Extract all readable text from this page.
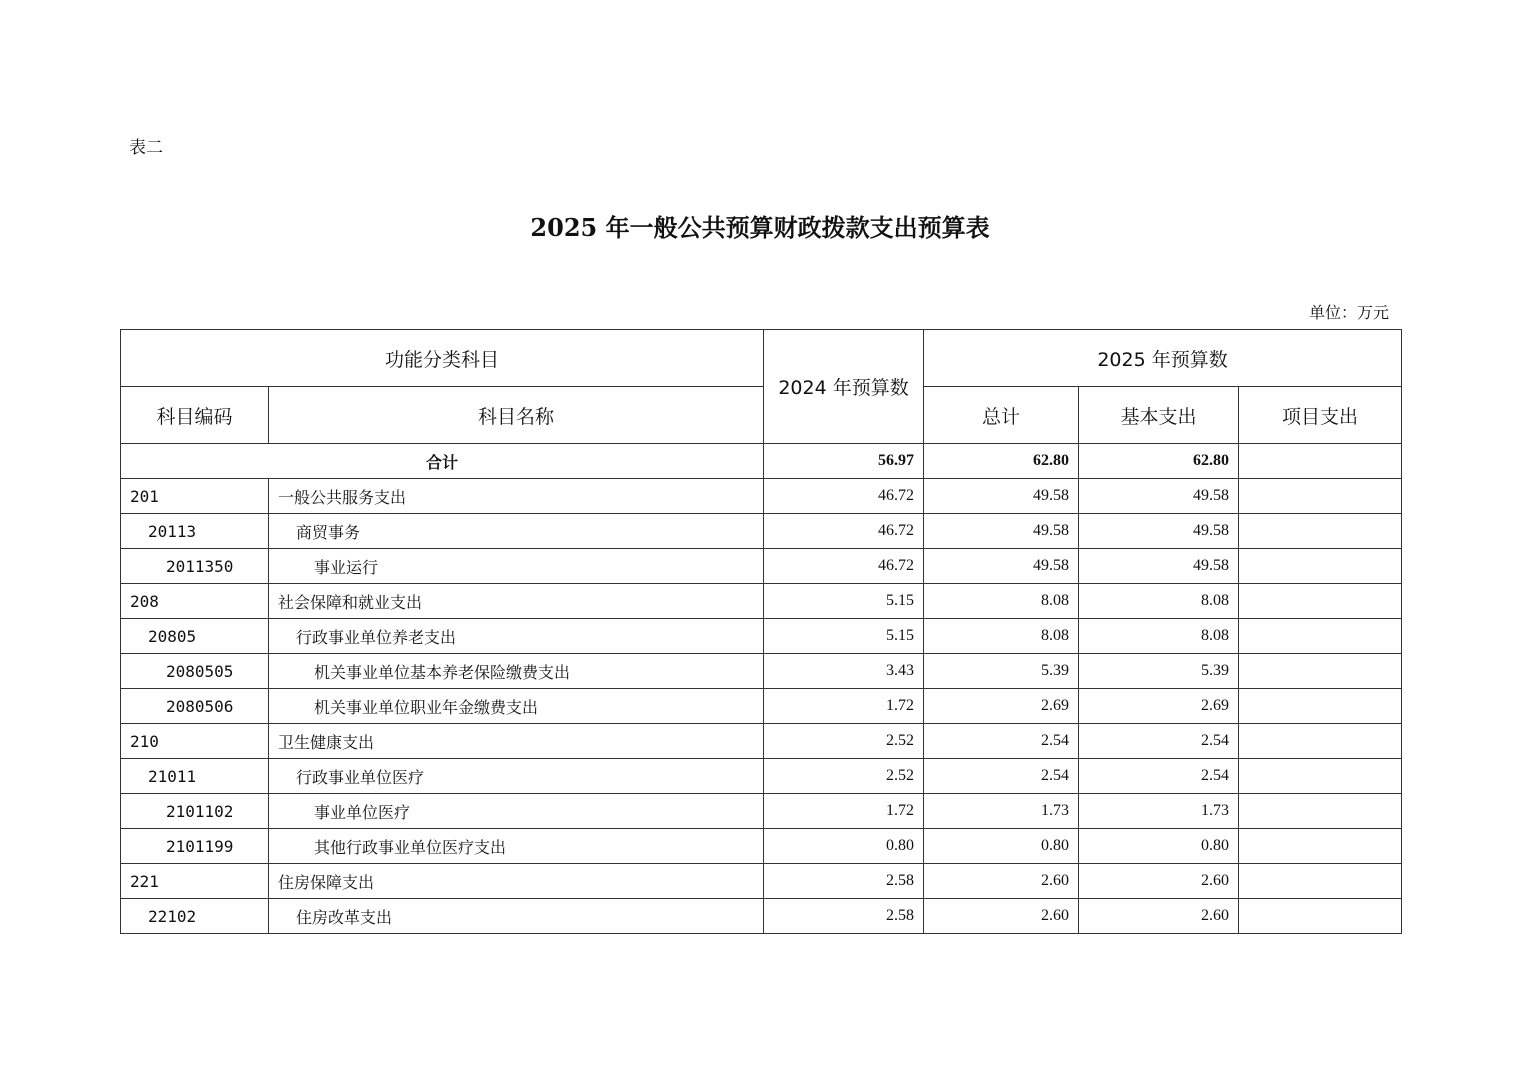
表二
2025 年一般公共预算财政拨款支出预算表
单位：万元
功能分类科目		2024 年预算数	2025 年预算数		
科目编码	科目名称		总计	基本支出	项目支出
合计		56.97	62.80	62.80	
201	一般公共服务支出	46.72	49.58	49.58	
20113	商贸事务	46.72	49.58	49.58	
2011350	事业运行	46.72	49.58	49.58	
208	社会保障和就业支出	5.15	8.08	8.08	
20805	行政事业单位养老支出	5.15	8.08	8.08	
2080505	机关事业单位基本养老保险缴费支出	3.43	5.39	5.39	
2080506	机关事业单位职业年金缴费支出	1.72	2.69	2.69	
210	卫生健康支出	2.52	2.54	2.54	
21011	行政事业单位医疗	2.52	2.54	2.54	
2101102	事业单位医疗	1.72	1.73	1.73	
2101199	其他行政事业单位医疗支出	0.80	0.80	0.80	
221	住房保障支出	2.58	2.60	2.60	
22102	住房改革支出	2.58	2.60	2.60	
